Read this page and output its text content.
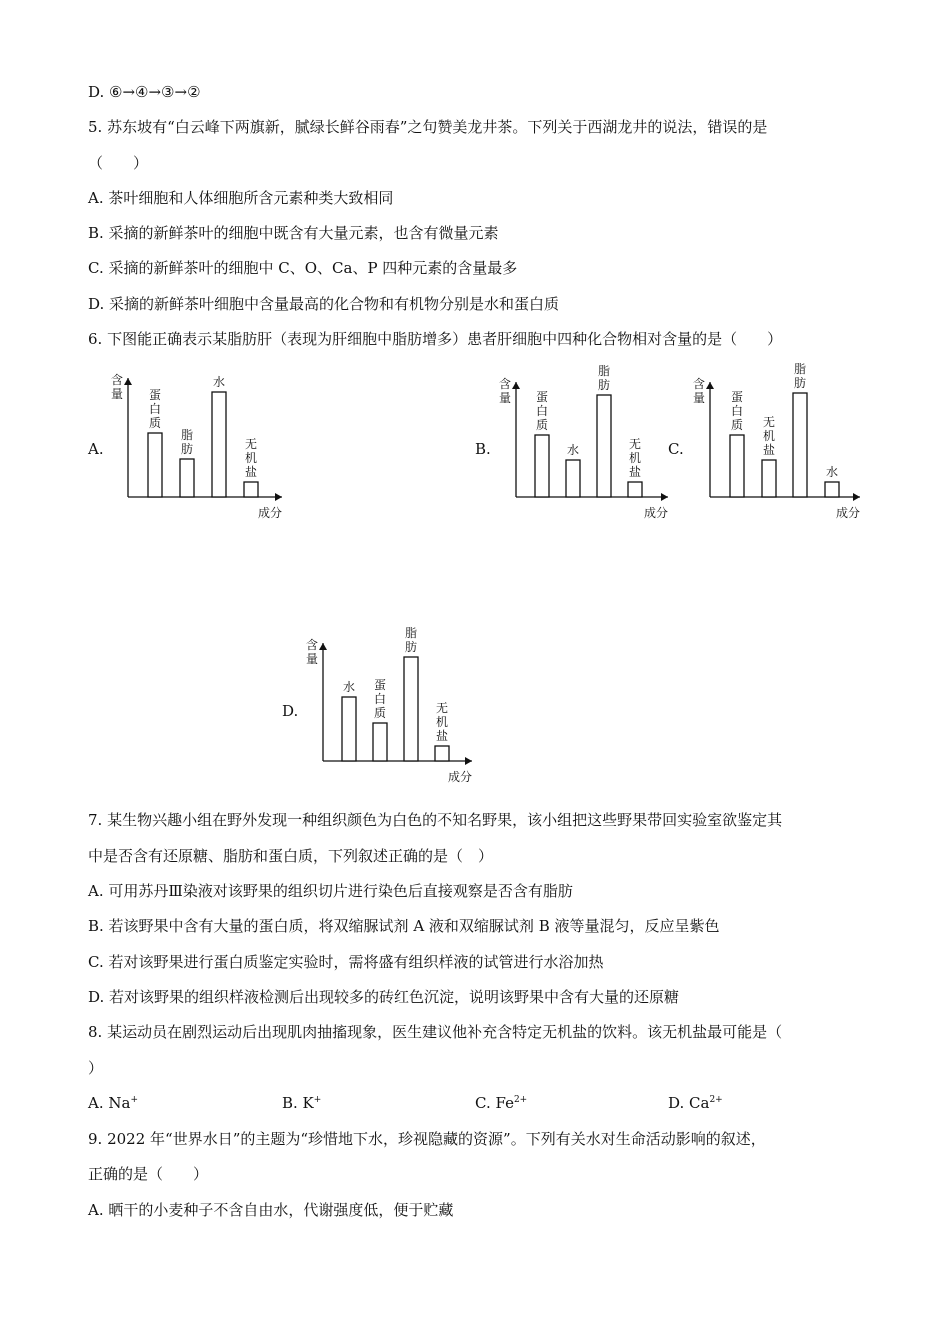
D. ⑥→④→③→②
5. 苏东坡有“白云峰下两旗新，腻绿长鲜谷雨春”之句赞美龙井茶。下列关于西湖龙井的说法，错误的是
（　　）
A. 茶叶细胞和人体细胞所含元素种类大致相同
B. 采摘的新鲜茶叶的细胞中既含有大量元素，也含有微量元素
C. 采摘的新鲜茶叶的细胞中 C、O、Ca、P 四种元素的含量最多
D. 采摘的新鲜茶叶细胞中含量最高的化合物和有机物分别是水和蛋白质
6. 下图能正确表示某脂肪肝（表现为肝细胞中脂肪增多）患者肝细胞中四种化合物相对含量的是（　　）
A.	B.	C.
D.
含
量
成分
蛋
白
质
脂
肪
水
无
机
盐
含
量
成分
蛋
白
质
水
脂
肪
无
机
盐
含
量
成分
蛋
白
质 无
机
盐
脂
肪
水
含
量
成分
水 蛋
白
质
脂
肪
无
机
盐
7. 某生物兴趣小组在野外发现一种组织颜色为白色的不知名野果，该小组把这些野果带回实验室欲鉴定其
中是否含有还原糖、脂肪和蛋白质，下列叙述正确的是（　）
A. 可用苏丹Ⅲ染液对该野果的组织切片进行染色后直接观察是否含有脂肪
B. 若该野果中含有大量的蛋白质，将双缩脲试剂 A 液和双缩脲试剂 B 液等量混匀，反应呈紫色
C. 若对该野果进行蛋白质鉴定实验时，需将盛有组织样液的试管进行水浴加热
D. 若对该野果的组织样液检测后出现较多的砖红色沉淀，说明该野果中含有大量的还原糖
8. 某运动员在剧烈运动后出现肌肉抽搐现象，医生建议他补充含特定无机盐的饮料。该无机盐最可能是（
）
A. Na+	B. K+	C. $Fe^{2+}$	D. $Ca^{2+}$
9. 2022 年“世界水日”的主题为“珍惜地下水，珍视隐藏的资源”。下列有关水对生命活动影响的叙述，
正确的是（　　）
A. 晒干的小麦种子不含自由水，代谢强度低，便于贮藏
